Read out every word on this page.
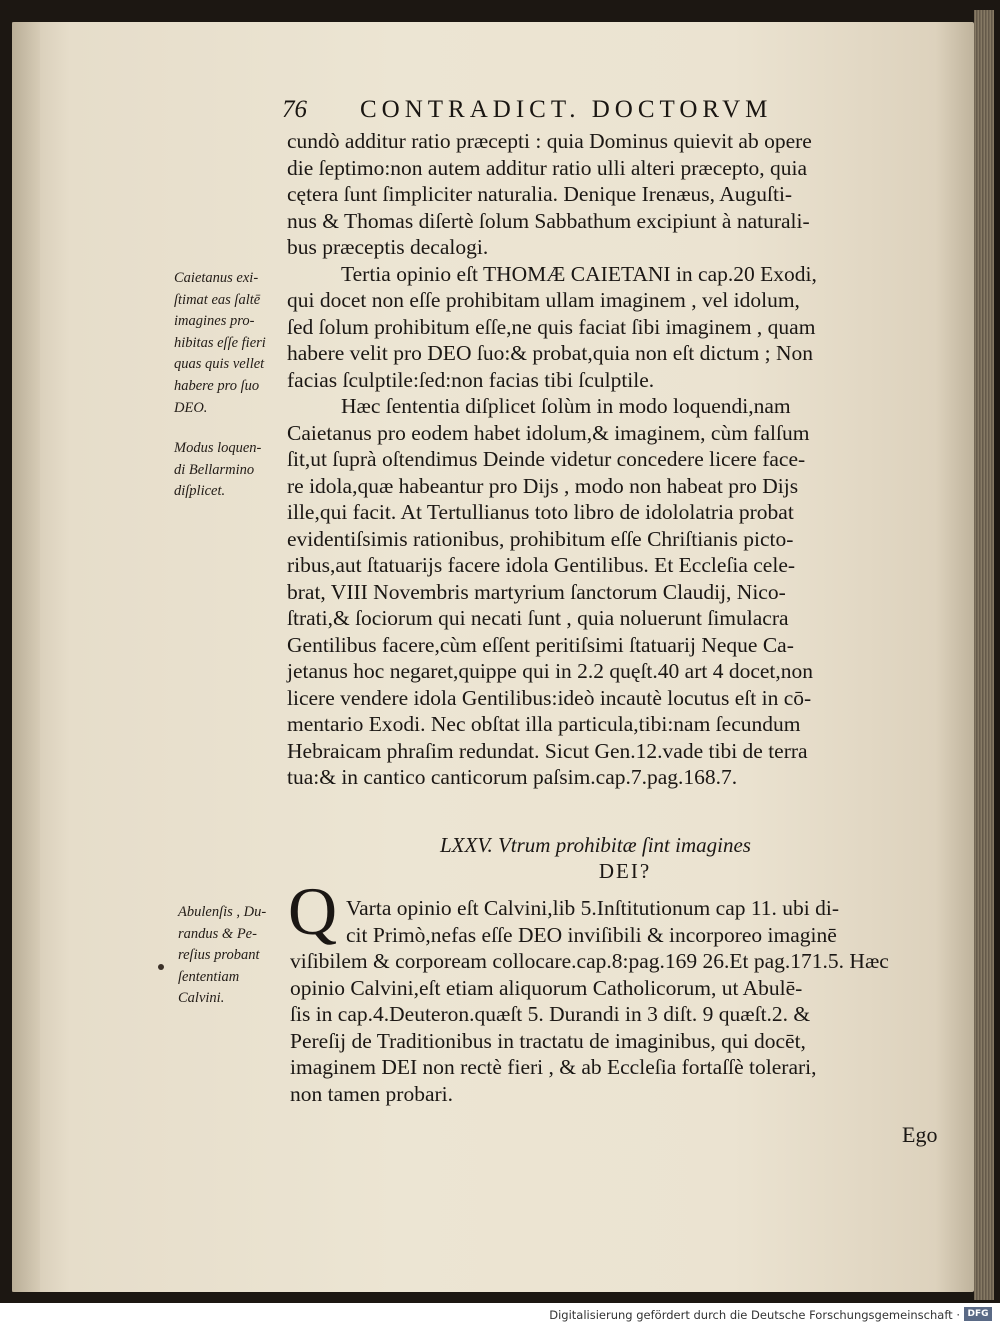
76 CONTRADICT. DOCTORVM
cundò additur ratio præcepti : quia Dominus quievit ab opere
die ſeptimo:non autem additur ratio ulli alteri præcepto, quia
cętera ſunt ſimpliciter naturalia. Denique Irenæus, Auguſti-
nus & Thomas diſertè ſolum Sabbathum excipiunt à naturali-
bus præceptis decalogi.
Tertia opinio eſt THOMÆ CAIETANI in cap.20 Exodi,
qui docet non eſſe prohibitam ullam imaginem , vel idolum,
ſed ſolum prohibitum eſſe,ne quis faciat ſibi imaginem , quam
habere velit pro DEO ſuo:& probat,quia non eſt dictum ; Non
facias ſculptile:ſed:non facias tibi ſculptile.
Hæc ſententia diſplicet ſolùm in modo loquendi,nam
Caietanus pro eodem habet idolum,& imaginem, cùm falſum
ſit,ut ſuprà oſtendimus Deinde videtur concedere licere face-
re idola,quæ habeantur pro Dijs , modo non habeat pro Dijs
ille,qui facit. At Tertullianus toto libro de idololatria probat
evidentiſsimis rationibus, prohibitum eſſe Chriſtianis picto-
ribus,aut ſtatuarijs facere idola Gentilibus. Et Eccleſia cele-
brat, VIII Novembris martyrium ſanctorum Claudij, Nico-
ſtrati,& ſociorum qui necati ſunt , quia noluerunt ſimulacra
Gentilibus facere,cùm eſſent peritiſsimi ſtatuarij Neque Ca-
jetanus hoc negaret,quippe qui in 2.2 quęſt.40 art 4 docet,non
licere vendere idola Gentilibus:ideò incautè locutus eſt in cō-
mentario Exodi. Nec obſtat illa particula,tibi:nam ſecundum
Hebraicam phraſim redundat. Sicut Gen.12.vade tibi de terra
tua:& in cantico canticorum paſsim.cap.7.pag.168.7.
Caietanus exi-
ſtimat eas ſaltē
imagines pro-
hibitas eſſe fieri
quas quis vellet
habere pro ſuo
DEO.
Modus loquen-
di Bellarmino
diſplicet.
LXXV. Vtrum prohibitæ ſint imagines
DEI?
Q Varta opinio eſt Calvini,lib 5.Inſtitutionum cap 11. ubi di-
cit Primò,nefas eſſe DEO inviſibili & incorporeo imaginē
viſibilem & corpoream collocare.cap.8:pag.169 26.Et pag.171.5. Hæc
opinio Calvini,eſt etiam aliquorum Catholicorum, ut Abulē-
ſis in cap.4.Deuteron.quæſt 5. Durandi in 3 diſt. 9 quæſt.2. &
Pereſij de Traditionibus in tractatu de imaginibus, qui docēt,
imaginem DEI non rectè fieri , & ab Eccleſia fortaſſè tolerari,
non tamen probari.
Abulenſis , Du-
randus & Pe-
reſius probant
ſententiam
Calvini.
Ego
Digitalisierung gefördert durch die Deutsche Forschungsgemeinschaft · DFG
